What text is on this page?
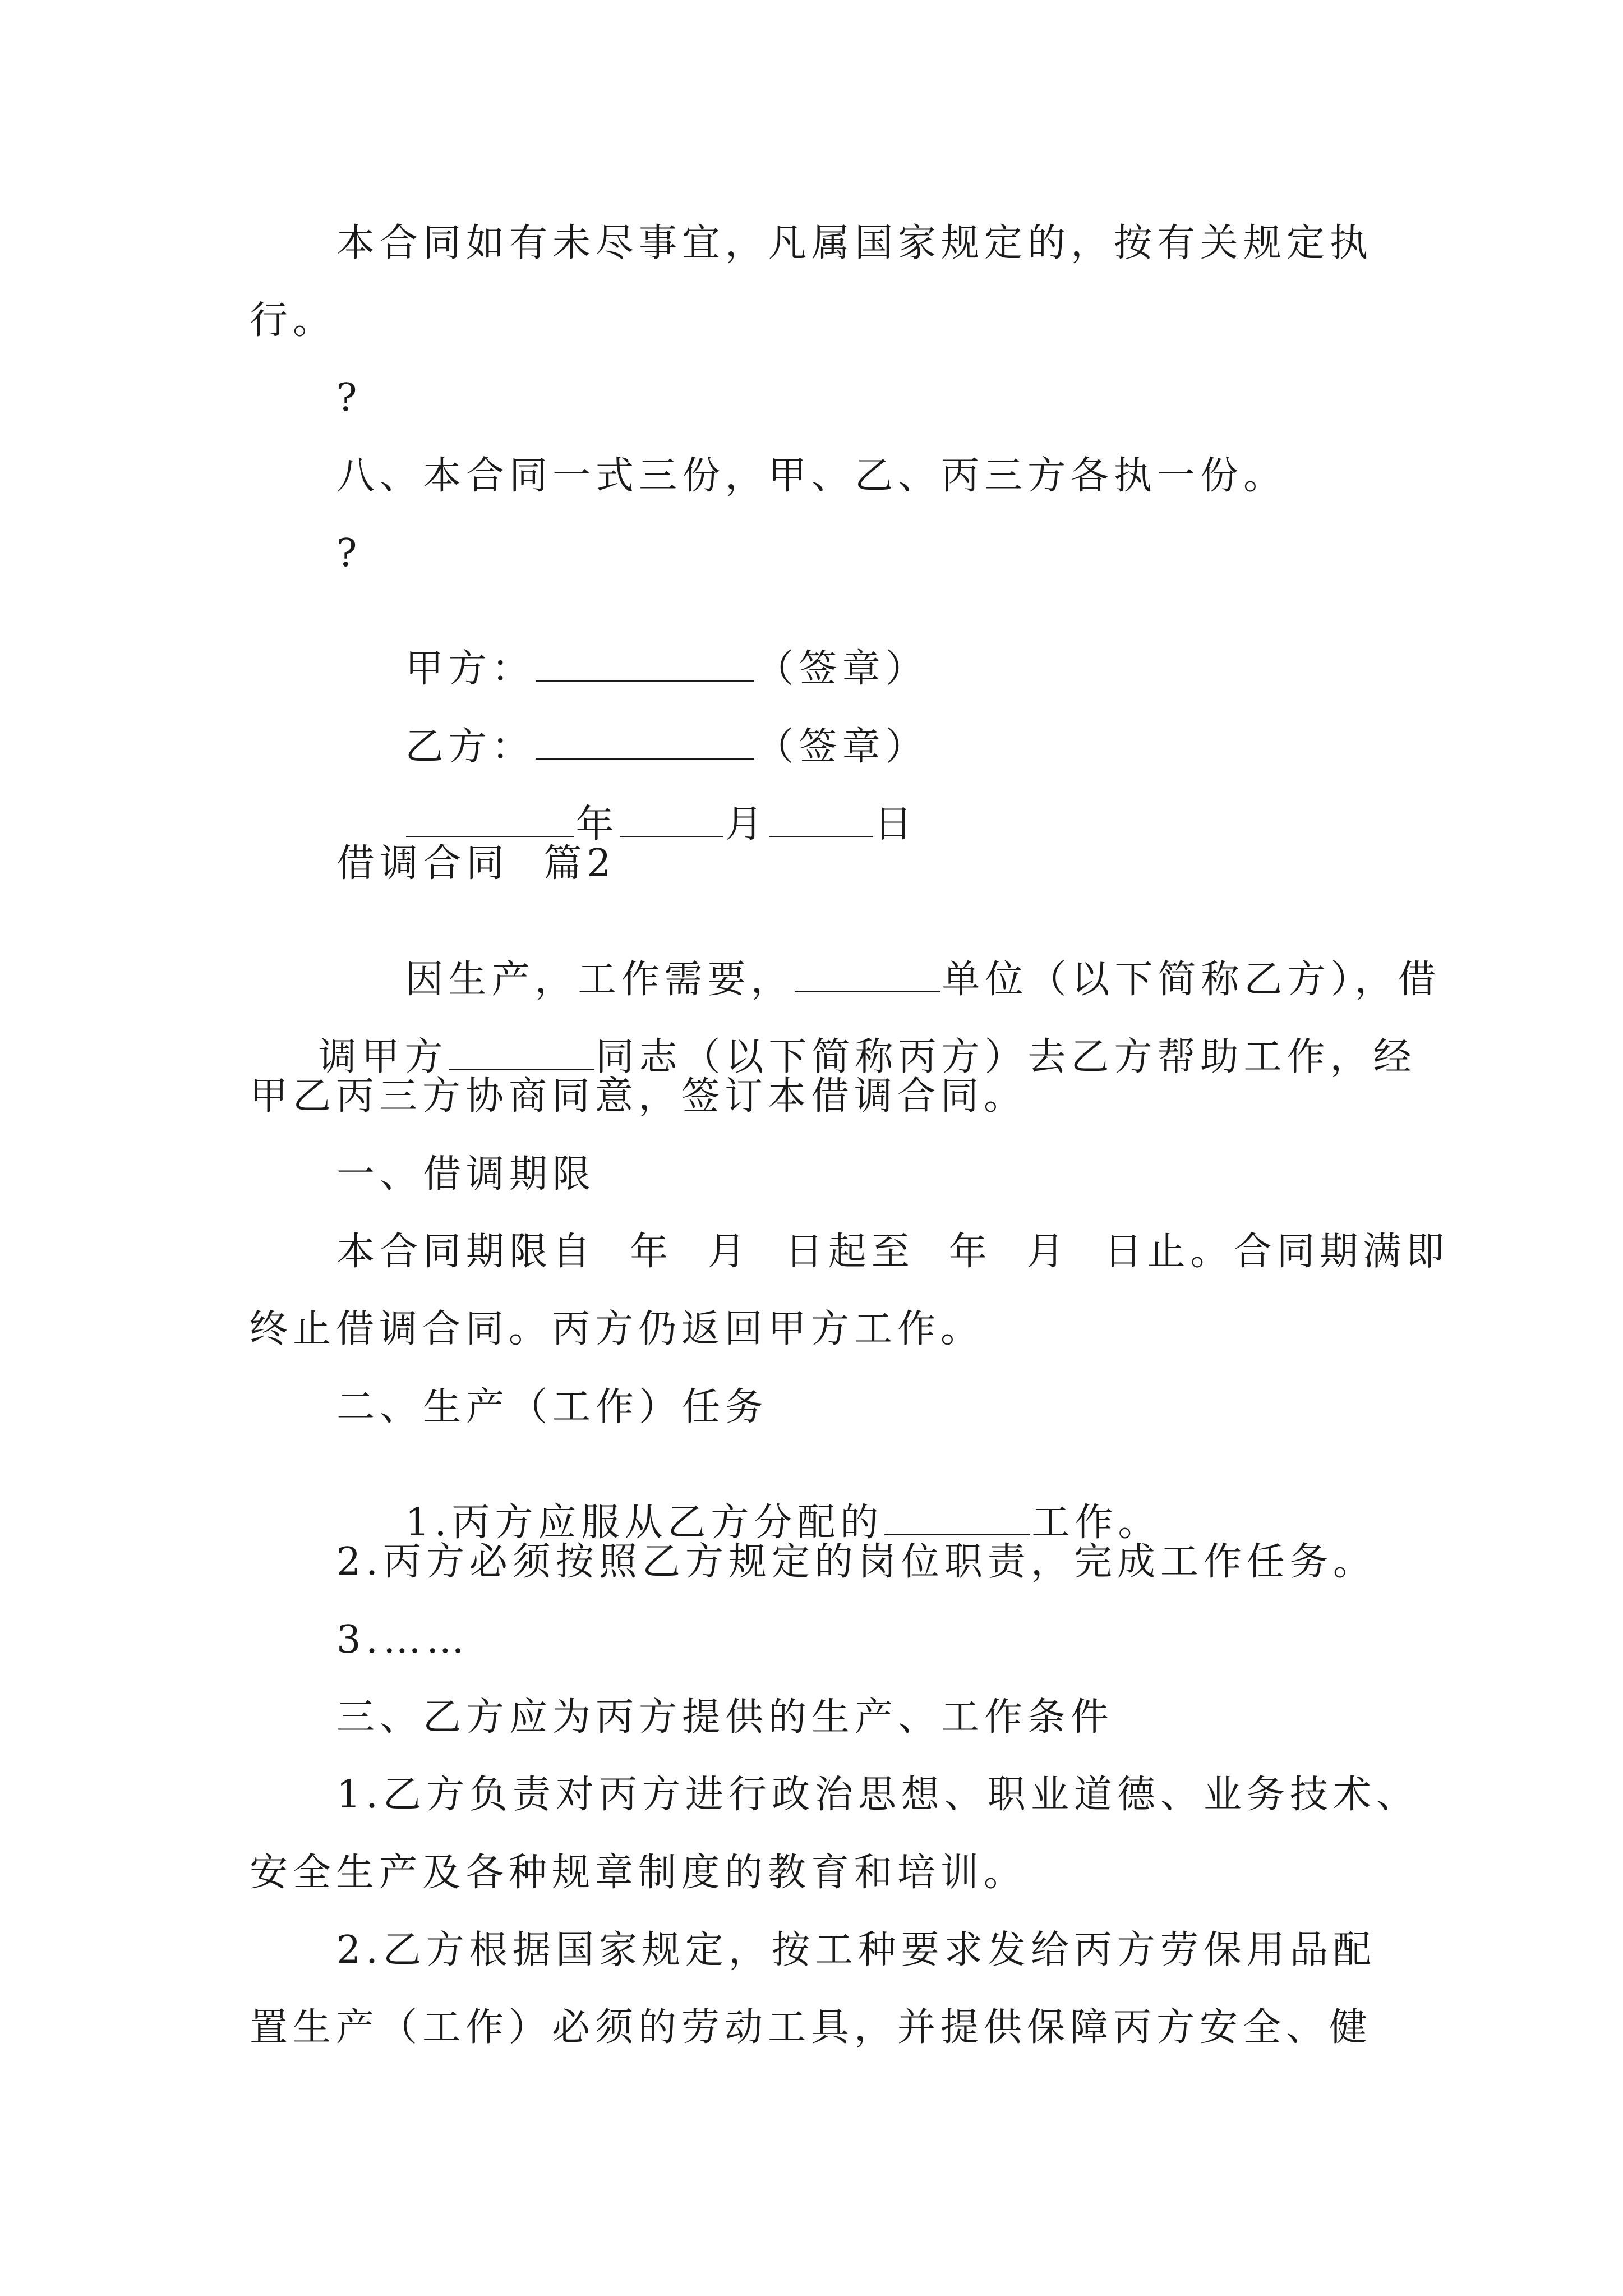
本合同如有未尽事宜，凡属国家规定的，按有关规定执
行。
?
八、本合同一式三份，甲、乙、丙三方各执一份。
?

甲方：	（签章）

乙方：	（签章）

年	月	日

借调合同  篇2

因生产，工作需要，	单位（以下简称乙方），借

调甲方	同志（以下简称丙方）去乙方帮助工作，经

甲乙丙三方协商同意，签订本借调合同。
一、借调期限
本合同期限自  年  月  日起至  年  月  日止。合同期满即
终止借调合同。丙方仍返回甲方工作。
二、生产（工作）任务

1.丙方应服从乙方分配的	工作。

2.丙方必须按照乙方规定的岗位职责，完成工作任务。
3.……
三、乙方应为丙方提供的生产、工作条件
1.乙方负责对丙方进行政治思想、职业道德、业务技术、
安全生产及各种规章制度的教育和培训。
2.乙方根据国家规定，按工种要求发给丙方劳保用品配
置生产（工作）必须的劳动工具，并提供保障丙方安全、健
